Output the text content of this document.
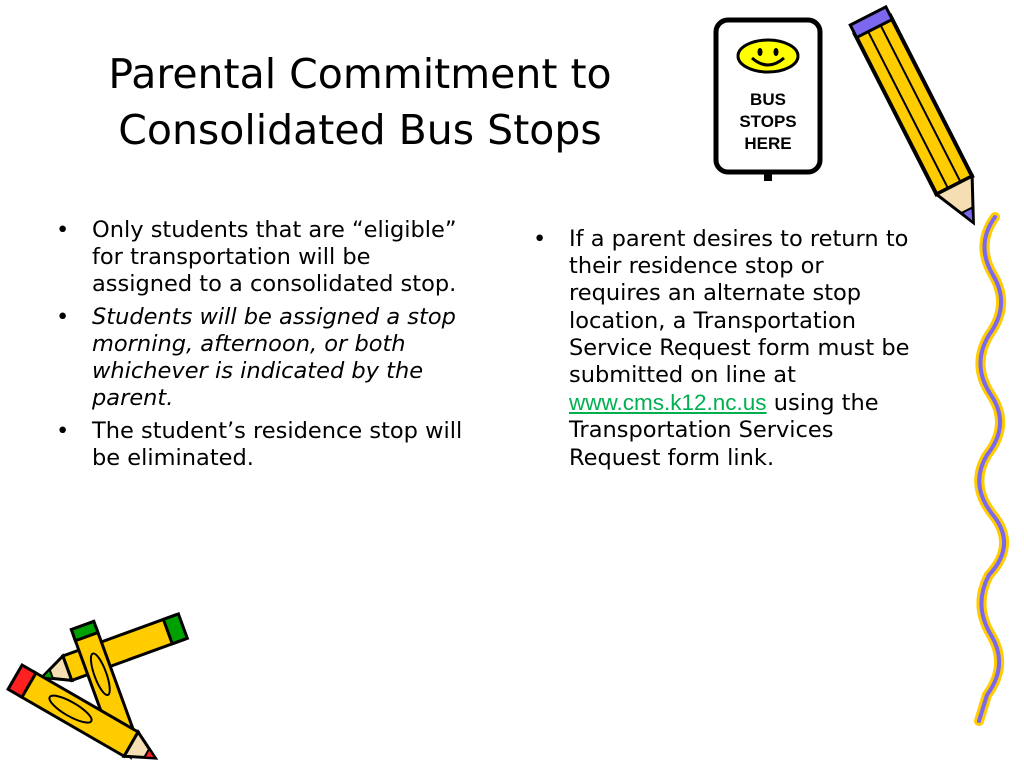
Parental Commitment to Consolidated Bus Stops
BUS
STOPS
HERE
• Only students that are “eligible” for transportation will be assigned to a consolidated stop.
• Students will be assigned a stop morning, afternoon, or both whichever is indicated by the parent.
• The student’s residence stop will be eliminated.
• If a parent desires to return to their residence stop or requires an alternate stop location, a Transportation Service Request form must be submitted on line at www.cms.k12.nc.us using the Transportation Services Request form link.
